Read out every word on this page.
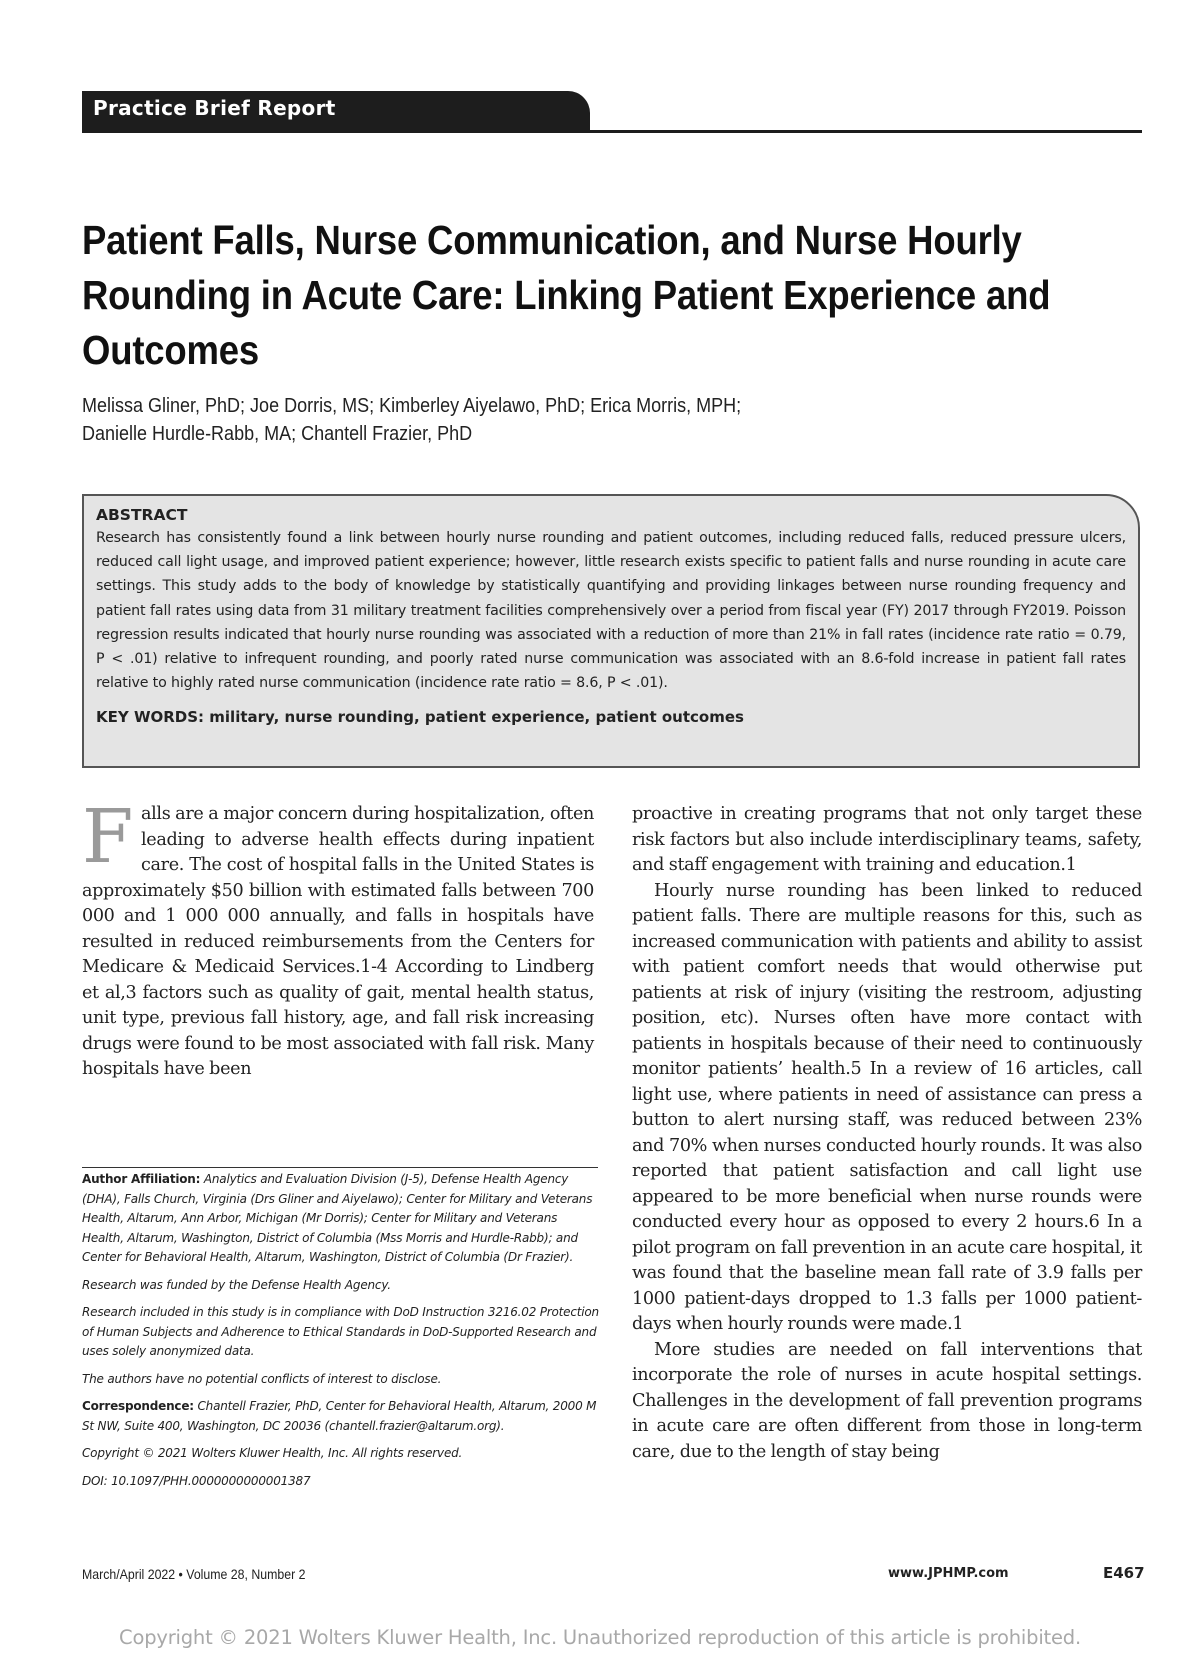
Practice Brief Report
Patient Falls, Nurse Communication, and Nurse Hourly Rounding in Acute Care: Linking Patient Experience and Outcomes
Melissa Gliner, PhD; Joe Dorris, MS; Kimberley Aiyelawo, PhD; Erica Morris, MPH;
Danielle Hurdle-Rabb, MA; Chantell Frazier, PhD
ABSTRACT
Research has consistently found a link between hourly nurse rounding and patient outcomes, including reduced falls, reduced pressure ulcers, reduced call light usage, and improved patient experience; however, little research exists specific to patient falls and nurse rounding in acute care settings. This study adds to the body of knowledge by statistically quantifying and providing linkages between nurse rounding frequency and patient fall rates using data from 31 military treatment facilities comprehensively over a period from fiscal year (FY) 2017 through FY2019. Poisson regression results indicated that hourly nurse rounding was associated with a reduction of more than 21% in fall rates (incidence rate ratio = 0.79, P < .01) relative to infrequent rounding, and poorly rated nurse communication was associated with an 8.6-fold increase in patient fall rates relative to highly rated nurse communication (incidence rate ratio = 8.6, P < .01).
KEY WORDS: military, nurse rounding, patient experience, patient outcomes
F alls are a major concern during hospitalization, often leading to adverse health effects during inpatient care. The cost of hospital falls in the United States is approximately $50 billion with estimated falls between 700 000 and 1 000 000 annually, and falls in hospitals have resulted in reduced reimbursements from the Centers for Medicare & Medicaid Services.1-4 According to Lindberg et al,3 factors such as quality of gait, mental health status, unit type, previous fall history, age, and fall risk increasing drugs were found to be most associated with fall risk. Many hospitals have been

proactive in creating programs that not only target these risk factors but also include interdisciplinary teams, safety, and staff engagement with training and education.1

Hourly nurse rounding has been linked to reduced patient falls. There are multiple reasons for this, such as increased communication with patients and ability to assist with patient comfort needs that would otherwise put patients at risk of injury (visiting the restroom, adjusting position, etc). Nurses often have more contact with patients in hospitals because of their need to continuously monitor patients’ health.5 In a review of 16 articles, call light use, where patients in need of assistance can press a button to alert nursing staff, was reduced between 23% and 70% when nurses conducted hourly rounds. It was also reported that patient satisfaction and call light use appeared to be more beneficial when nurse rounds were conducted every hour as opposed to every 2 hours.6 In a pilot program on fall prevention in an acute care hospital, it was found that the baseline mean fall rate of 3.9 falls per 1000 patient-days dropped to 1.3 falls per 1000 patient-days when hourly rounds were made.1

More studies are needed on fall interventions that incorporate the role of nurses in acute hospital settings. Challenges in the development of fall prevention programs in acute care are often different from those in long-term care, due to the length of stay being

Author Affiliation: Analytics and Evaluation Division (J-5), Defense Health Agency (DHA), Falls Church, Virginia (Drs Gliner and Aiyelawo); Center for Military and Veterans Health, Altarum, Ann Arbor, Michigan (Mr Dorris); Center for Military and Veterans Health, Altarum, Washington, District of Columbia (Mss Morris and Hurdle-Rabb); and Center for Behavioral Health, Altarum, Washington, District of Columbia (Dr Frazier).

Research was funded by the Defense Health Agency.

Research included in this study is in compliance with DoD Instruction 3216.02 Protection of Human Subjects and Adherence to Ethical Standards in DoD-Supported Research and uses solely anonymized data.

The authors have no potential conflicts of interest to disclose.

Correspondence: Chantell Frazier, PhD, Center for Behavioral Health, Altarum, 2000 M St NW, Suite 400, Washington, DC 20036 (chantell.frazier@altarum.org).

Copyright © 2021 Wolters Kluwer Health, Inc. All rights reserved.

DOI: 10.1097/PHH.0000000000001387

March/April 2022 • Volume 28, Number 2	www.JPHMP.com	E467
Copyright © 2021 Wolters Kluwer Health, Inc. Unauthorized reproduction of this article is prohibited.
